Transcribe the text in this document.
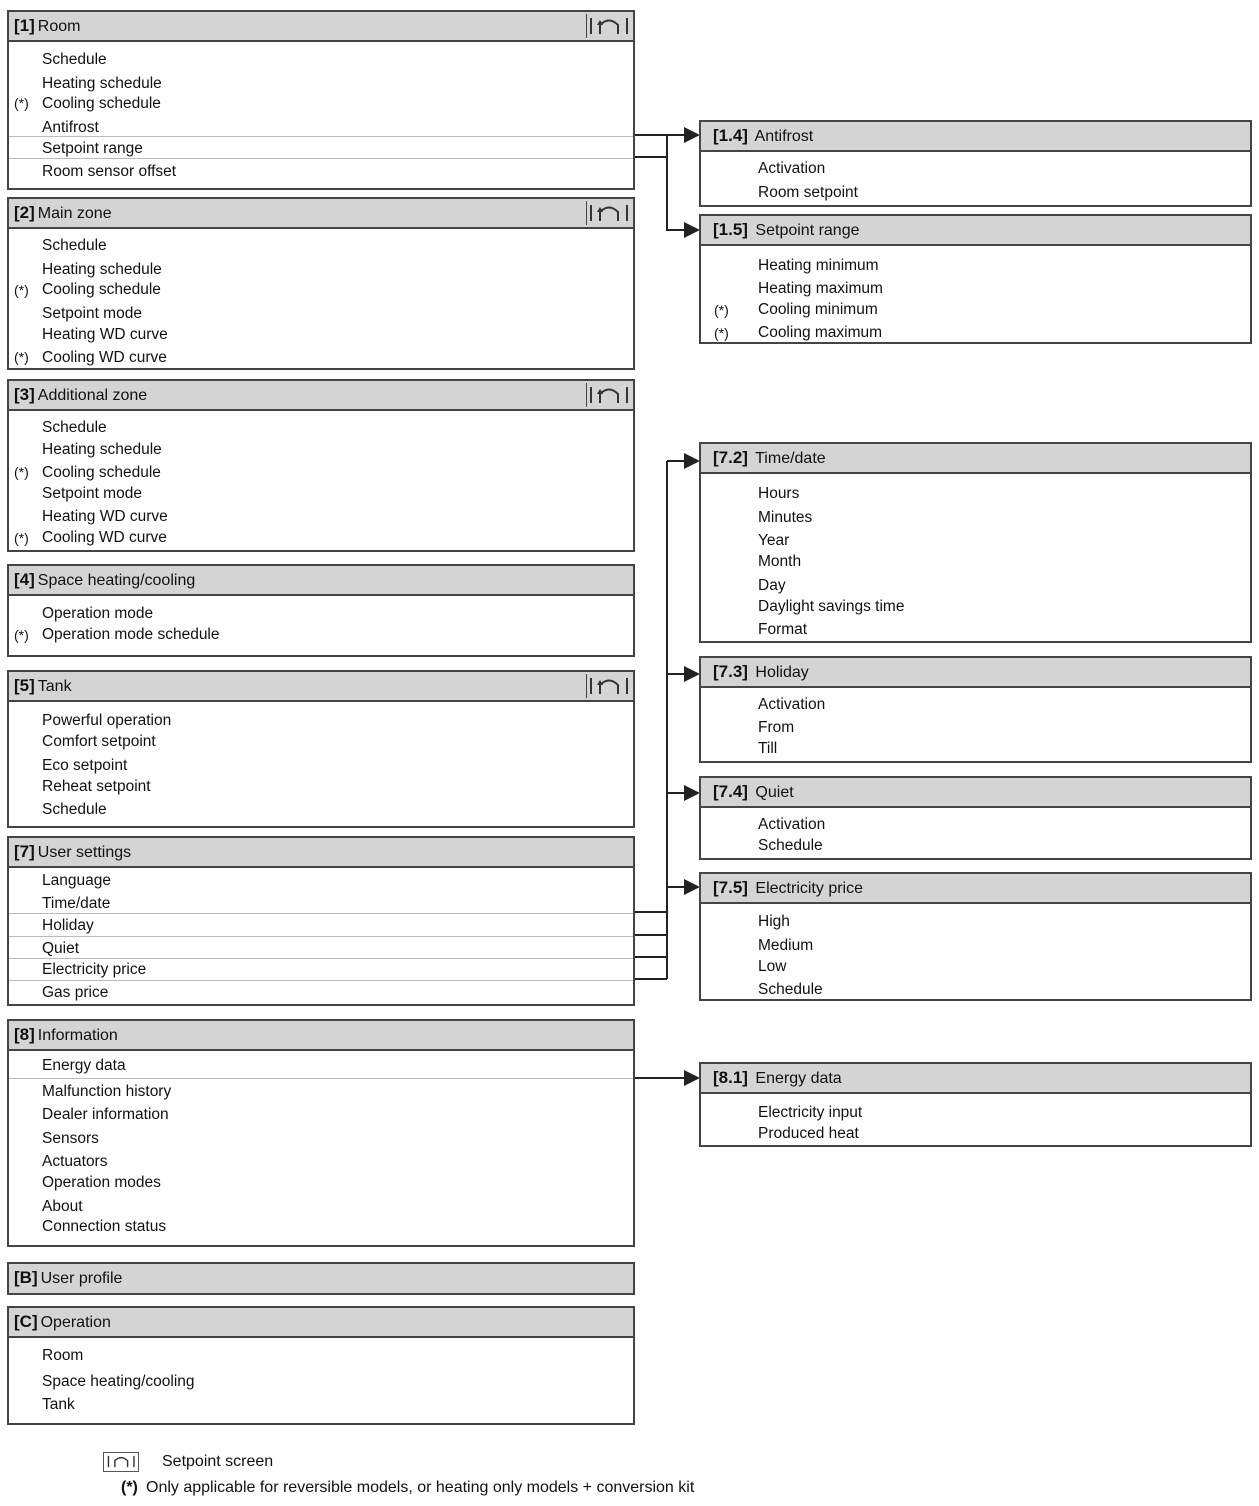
[1] Room
Schedule
Heating schedule
(*) Cooling schedule
Antifrost
Setpoint range
Room sensor offset
[2] Main zone
Schedule
Heating schedule
(*) Cooling schedule
Setpoint mode
Heating WD curve
(*) Cooling WD curve
[3] Additional zone
Schedule
Heating schedule
(*) Cooling schedule
Setpoint mode
Heating WD curve
(*) Cooling WD curve
[4] Space heating/cooling
Operation mode
(*) Operation mode schedule
[5] Tank
Powerful operation
Comfort setpoint
Eco setpoint
Reheat setpoint
Schedule
[7] User settings
Language
Time/date
Holiday
Quiet
Electricity price
Gas price
[8] Information
Energy data
Malfunction history
Dealer information
Sensors
Actuators
Operation modes
About
Connection status
[B] User profile
[C] Operation
Room
Space heating/cooling
Tank
[1.4] Antifrost
Activation
Room setpoint
[1.5] Setpoint range
Heating minimum
Heating maximum
(*) Cooling minimum
(*) Cooling maximum
[7.2] Time/date
Hours
Minutes
Year
Month
Day
Daylight savings time
Format
[7.3] Holiday
Activation
From
Till
[7.4] Quiet
Activation
Schedule
[7.5] Electricity price
High
Medium
Low
Schedule
[8.1] Energy data
Electricity input
Produced heat
Setpoint screen
(*) Only applicable for reversible models, or heating only models + conversion kit
